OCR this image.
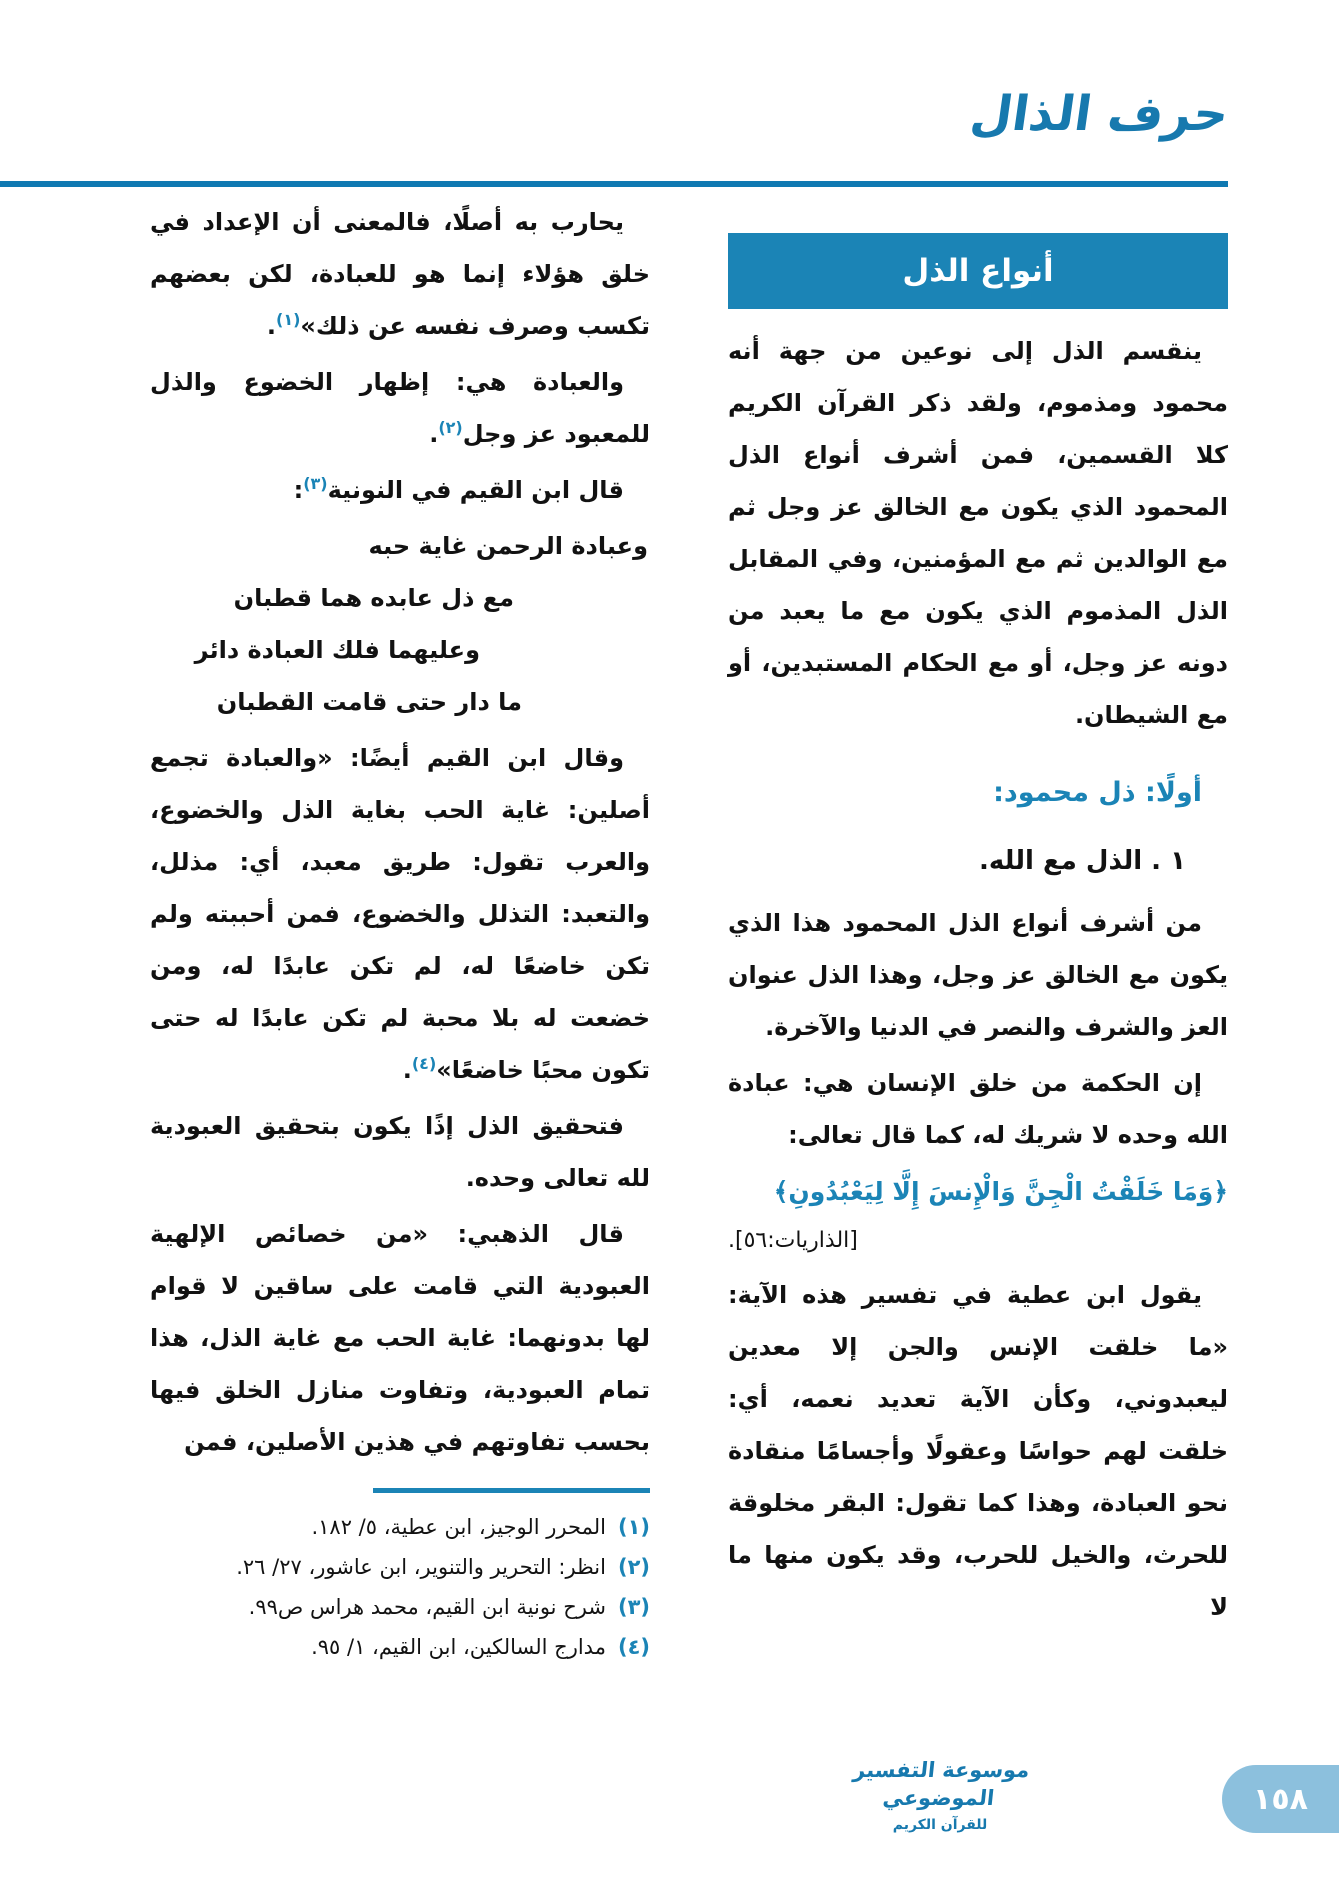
حرف الذال
أنواع الذل

ينقسم الذل إلى نوعين من جهة أنه محمود ومذموم، ولقد ذكر القرآن الكريم كلا القسمين، فمن أشرف أنواع الذل المحمود الذي يكون مع الخالق عز وجل ثم مع الوالدين ثم مع المؤمنين، وفي المقابل الذل المذموم الذي يكون مع ما يعبد من دونه عز وجل، أو مع الحكام المستبدين، أو مع الشيطان.

أولًا: ذل محمود:

١ . الذل مع الله.

من أشرف أنواع الذل المحمود هذا الذي يكون مع الخالق عز وجل، وهذا الذل عنوان العز والشرف والنصر في الدنيا والآخرة.

إن الحكمة من خلق الإنسان هي: عبادة الله وحده لا شريك له، كما قال تعالى:

﴿وَمَا خَلَقْتُ الْجِنَّ وَالْإِنسَ إِلَّا لِيَعْبُدُونِ﴾

[الذاريات:٥٦].

يقول ابن عطية في تفسير هذه الآية: «ما خلقت الإنس والجن إلا معدين ليعبدوني، وكأن الآية تعديد نعمه، أي: خلقت لهم حواسًا وعقولًا وأجسامًا منقادة نحو العبادة، وهذا كما تقول: البقر مخلوقة للحرث، والخيل للحرب، وقد يكون منها ما لا

يحارب به أصلًا، فالمعنى أن الإعداد في خلق هؤلاء إنما هو للعبادة، لكن بعضهم تكسب وصرف نفسه عن ذلك»$^{(١)}$.

والعبادة هي: إظهار الخضوع والذل للمعبود عز وجل$^{(٢)}$.

قال ابن القيم في النونية$^{(٣)}$:

وعبادة الرحمن غاية حبه
مع ذل عابده هما قطبان
وعليهما فلك العبادة دائر
ما دار حتى قامت القطبان

وقال ابن القيم أيضًا: «والعبادة تجمع أصلين: غاية الحب بغاية الذل والخضوع، والعرب تقول: طريق معبد، أي: مذلل، والتعبد: التذلل والخضوع، فمن أحببته ولم تكن خاضعًا له، لم تكن عابدًا له، ومن خضعت له بلا محبة لم تكن عابدًا له حتى تكون محبًا خاضعًا»$^{(٤)}$.

فتحقيق الذل إذًا يكون بتحقيق العبودية لله تعالى وحده.

قال الذهبي: «من خصائص الإلهية العبودية التي قامت على ساقين لا قوام لها بدونهما: غاية الحب مع غاية الذل، هذا تمام العبودية، وتفاوت منازل الخلق فيها بحسب تفاوتهم في هذين الأصلين، فمن

(١)
المحرر الوجيز، ابن عطية، ٥/ ١٨٢.
(٢)
انظر: التحرير والتنوير، ابن عاشور، ٢٧/ ٢٦.
(٣)
شرح نونية ابن القيم، محمد هراس ص٩٩.
(٤)
مدارج السالكين، ابن القيم، ١/ ٩٥.
موسوعة التفسير الموضوعي
للقرآن الكريم
١٥٨
